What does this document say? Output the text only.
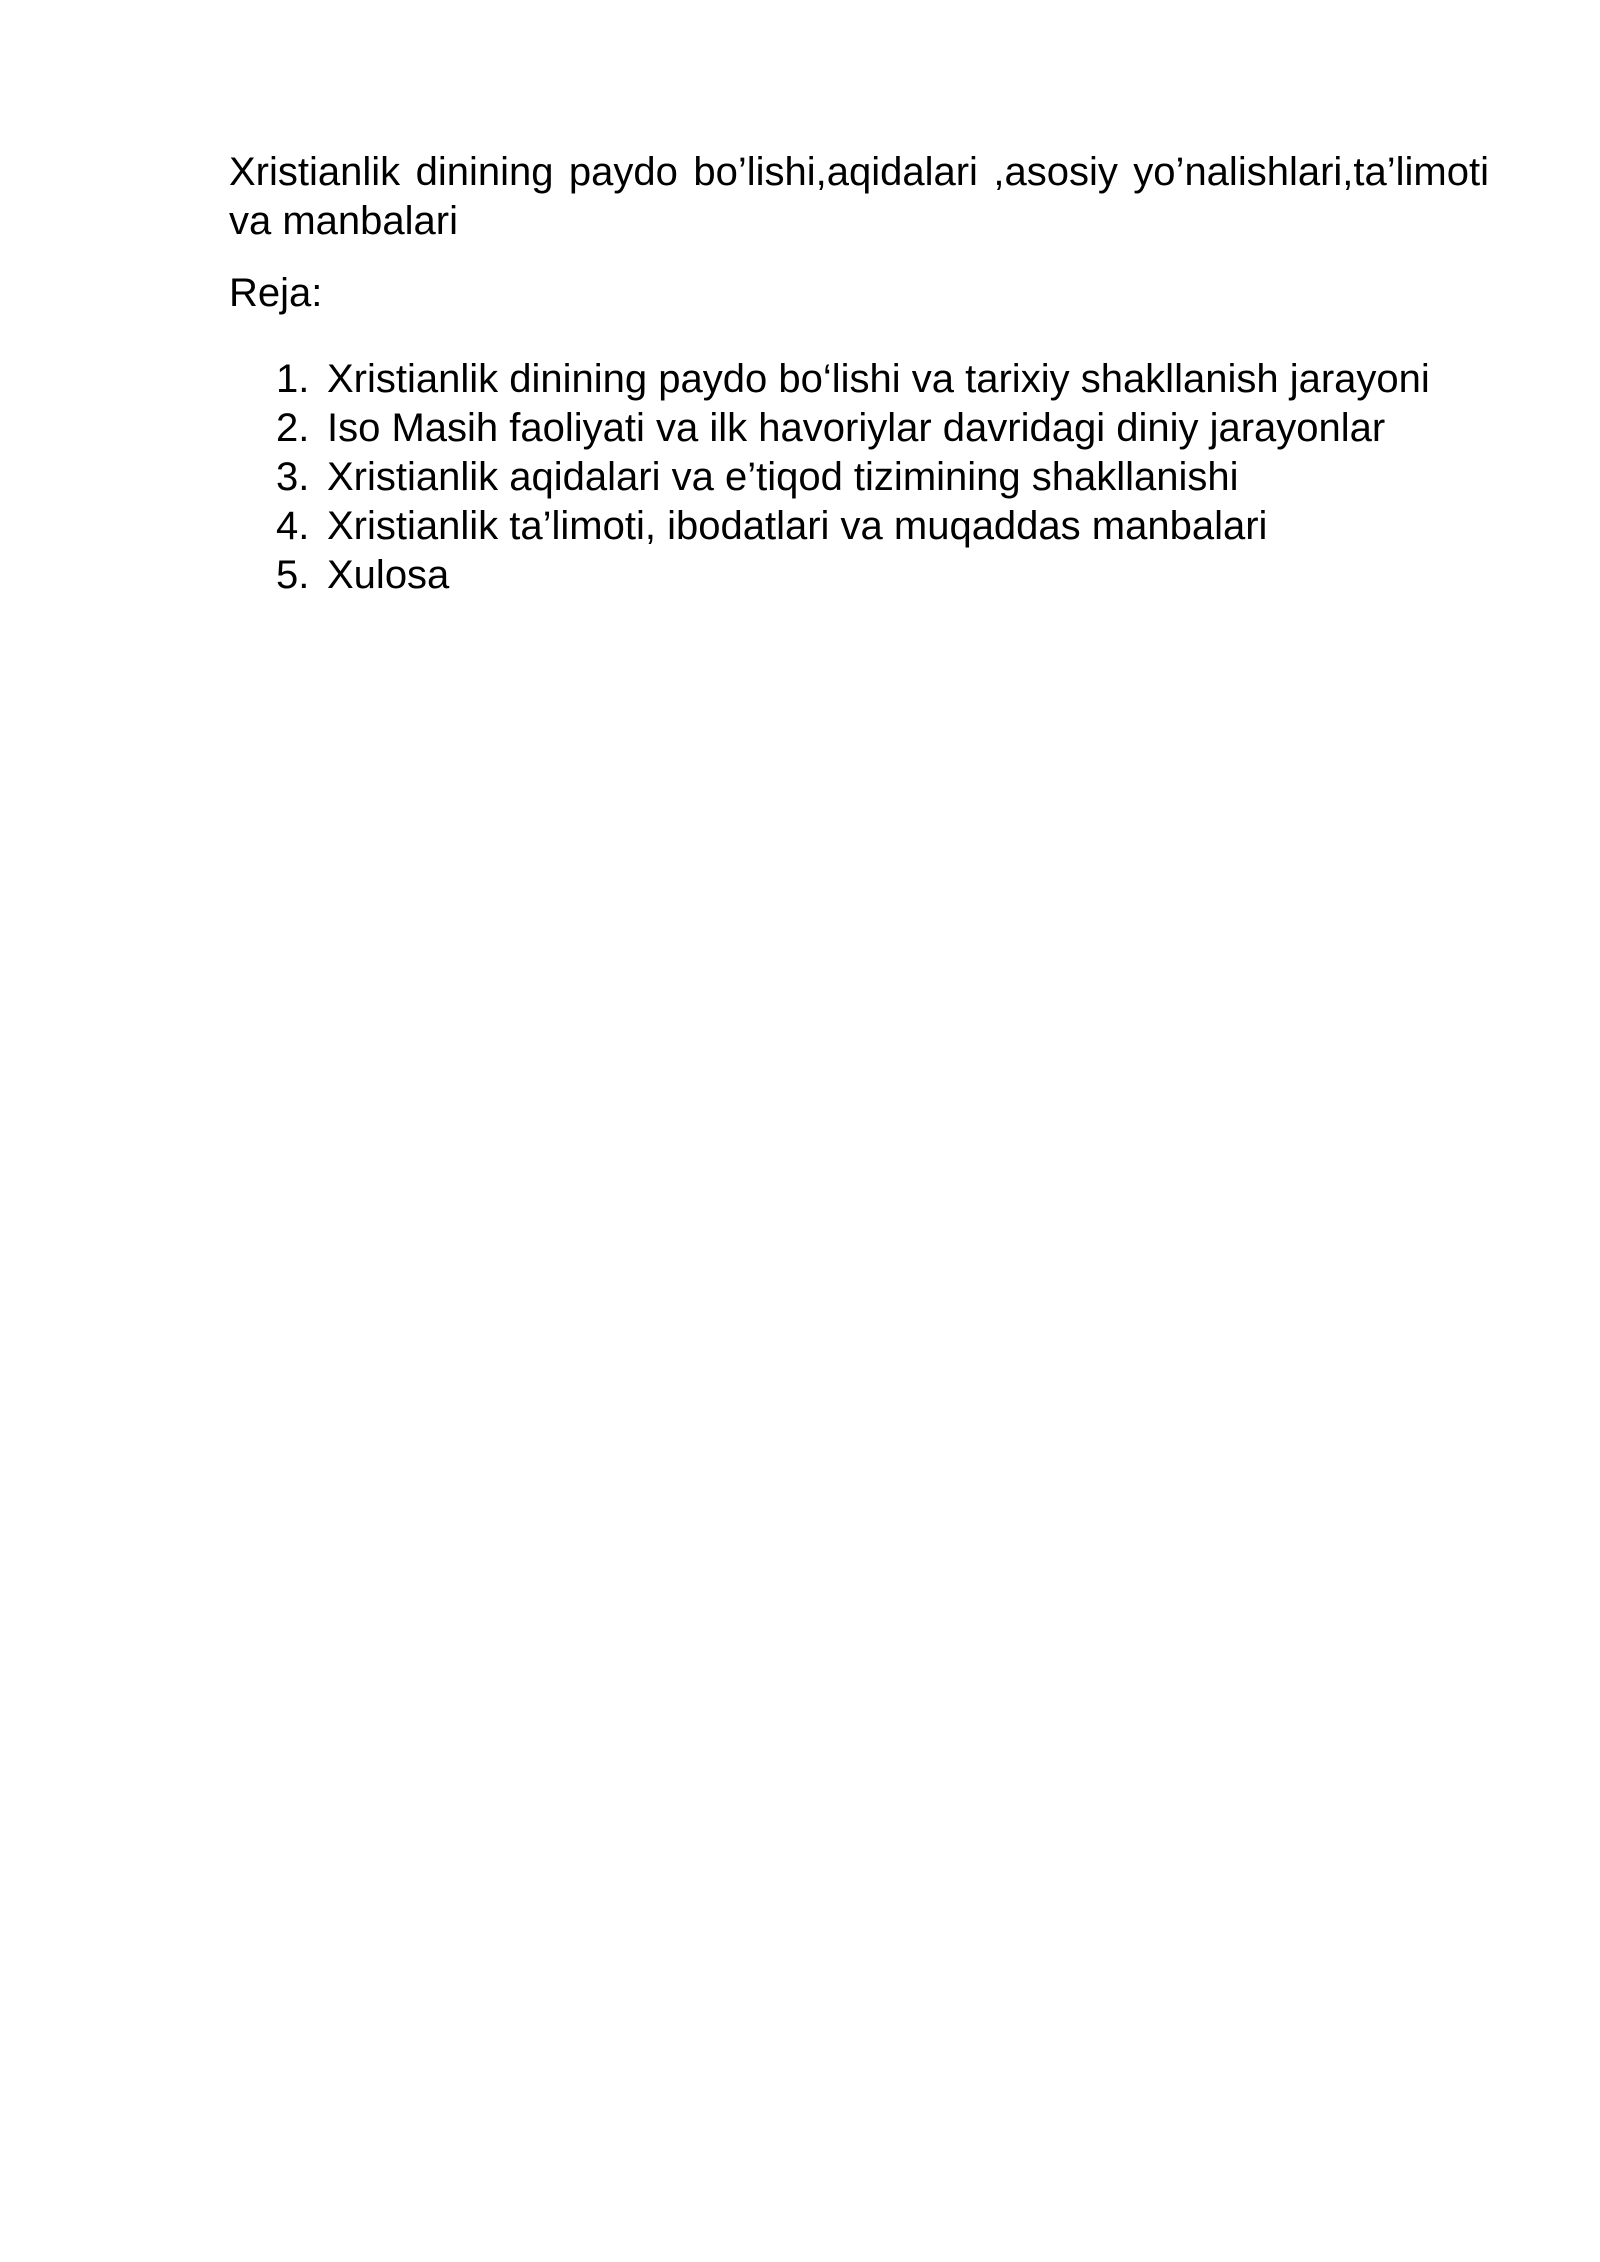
Xristianlik dinining paydo bo’lishi,aqidalari ,asosiy yo’nalishlari,ta’limoti va manbalari

Reja:

1. Xristianlik dinining paydo bo‘lishi va tarixiy shakllanish jarayoni
2. Iso Masih faoliyati va ilk havoriylar davridagi diniy jarayonlar
3. Xristianlik aqidalari va e’tiqod tizimining shakllanishi
4. Xristianlik ta’limoti, ibodatlari va muqaddas manbalari
5. Xulosa
